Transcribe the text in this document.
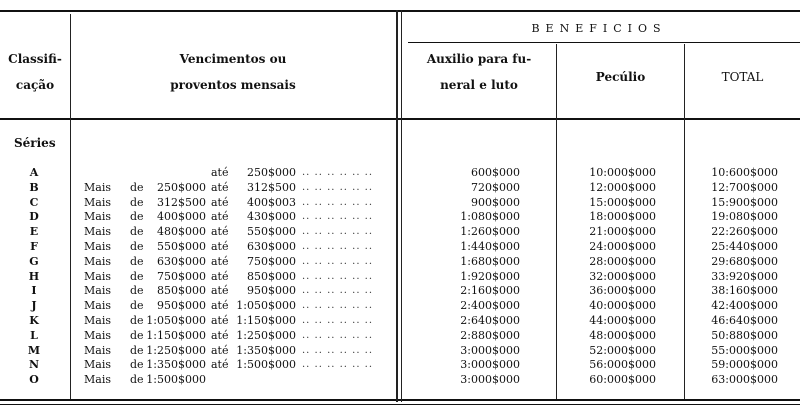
Classifi-
cação
Vencimentos ou
proventos mensais
BENEFICIOS
Auxilio para fu-
neral e luto
Pecúlio	TOTAL
Séries
A	até	250$000 .. .. .. .. .. ..	600$000	10:000$000	10:600$000
B	Mais de	250$000 até	312$500 .. .. .. .. .. ..	720$000	12:000$000	12:700$000
C	Mais de	312$500 até	400$003 .. .. .. .. .. ..	900$000	15:000$000	15:900$000
D	Mais de	400$000 até	430$000 .. .. .. .. .. ..	1:080$000	18:000$000	19:080$000
E	Mais de	480$000 até	550$000 .. .. .. .. .. ..	1:260$000	21:000$000	22:260$000
F	Mais de	550$000 até	630$000 .. .. .. .. .. ..	1:440$000	24:000$000	25:440$000
G	Mais de	630$000 até	750$000 .. .. .. .. .. ..	1:680$000	28:000$000	29:680$000
H	Mais de	750$000 até	850$000 .. .. .. .. .. ..	1:920$000	32:000$000	33:920$000
I	Mais de	850$000 até	950$000 .. .. .. .. .. ..	2:160$000	36:000$000	38:160$000
J	Mais de	950$000 até 1:050$000 .. .. .. .. .. ..	2:400$000	40:000$000	42:400$000
K	Mais de 1:050$000 até 1:150$000 .. .. .. .. .. ..	2:640$000	44:000$000	46:640$000
L	Mais de 1:150$000 até 1:250$000 .. .. .. .. .. ..	2:880$000	48:000$000	50:880$000
M	Mais de 1:250$000 até 1:350$000 .. .. .. .. .. ..	3:000$000	52:000$000	55:000$000
N	Mais de 1:350$000 até 1:500$000 .. .. .. .. .. ..	3:000$000	56:000$000	59:000$000
O	Mais de 1:500$000	3:000$000	60:000$000	63:000$000
